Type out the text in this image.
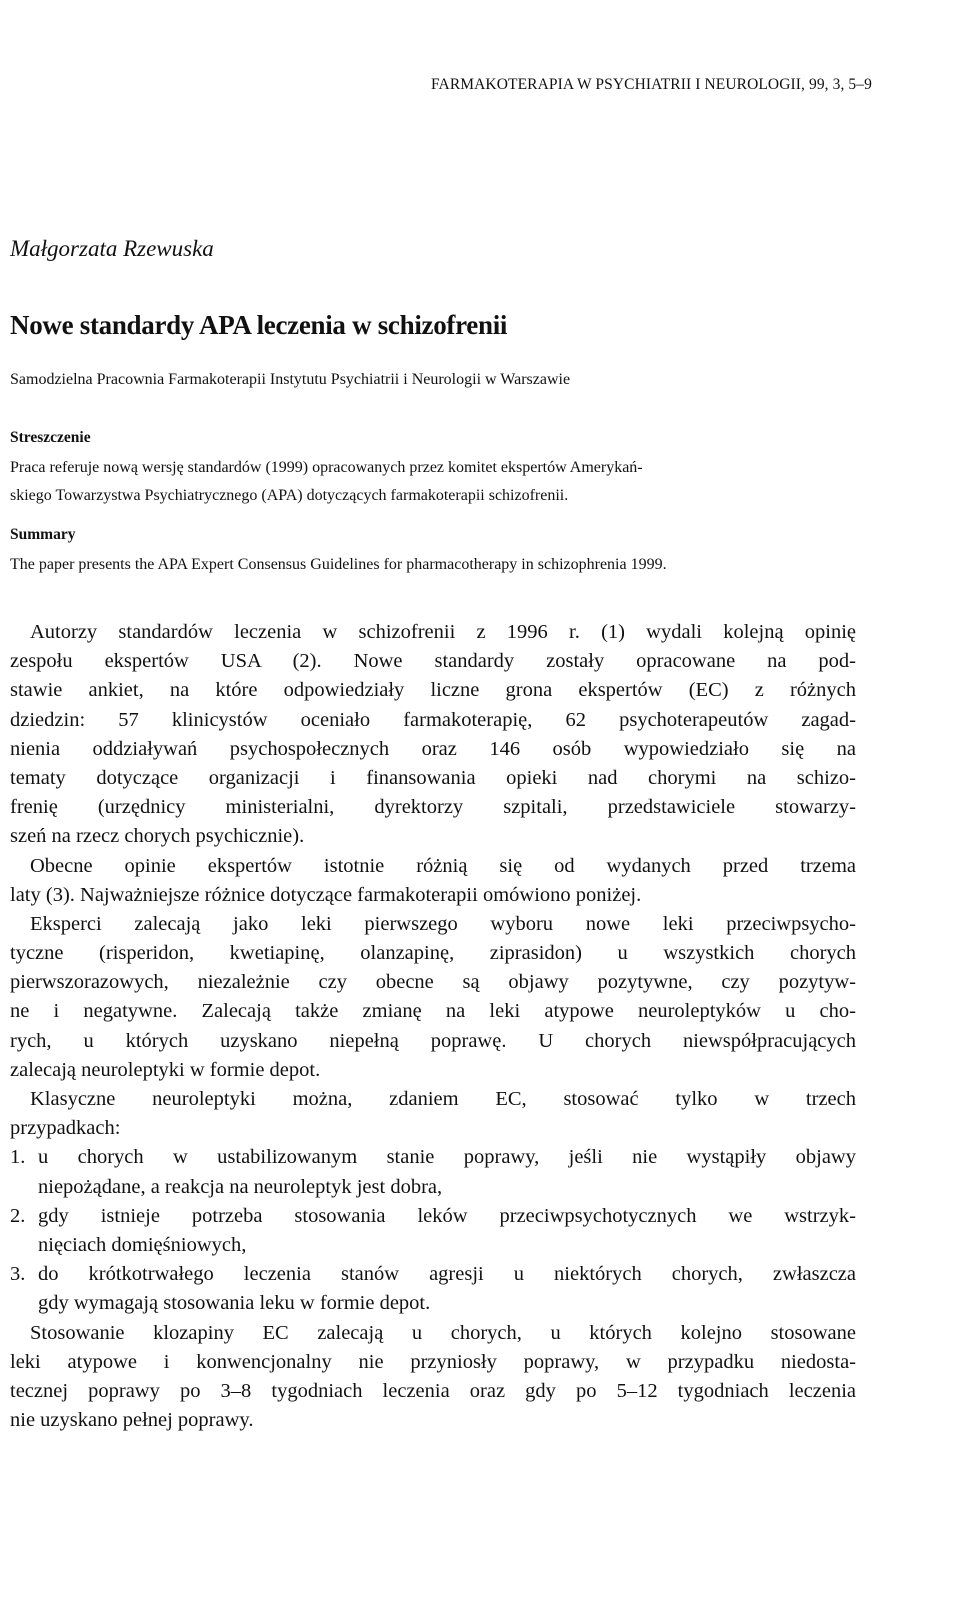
FARMAKOTERAPIA W PSYCHIATRII I NEUROLOGII, 99, 3, 5–9
Małgorzata Rzewuska
Nowe standardy APA leczenia w schizofrenii
Samodzielna Pracownia Farmakoterapii Instytutu Psychiatrii i Neurologii w Warszawie
Streszczenie
Praca referuje nową wersję standardów (1999) opracowanych przez komitet ekspertów Amerykań-
skiego Towarzystwa Psychiatrycznego (APA) dotyczących farmakoterapii schizofrenii.
Summary
The paper presents the APA Expert Consensus Guidelines for pharmacotherapy in schizophrenia 1999.
Autorzy standardów leczenia w schizofrenii z 1996 r. (1) wydali kolejną opinię
zespołu ekspertów USA (2). Nowe standardy zostały opracowane na pod-
stawie ankiet, na które odpowiedziały liczne grona ekspertów (EC) z różnych
dziedzin: 57 klinicystów oceniało farmakoterapię, 62 psychoterapeutów zagad-
nienia oddziaływań psychospołecznych oraz 146 osób wypowiedziało się na
tematy dotyczące organizacji i finansowania opieki nad chorymi na schizo-
frenię (urzędnicy ministerialni, dyrektorzy szpitali, przedstawiciele stowarzy-
szeń na rzecz chorych psychicznie).
Obecne opinie ekspertów istotnie różnią się od wydanych przed trzema
laty (3). Najważniejsze różnice dotyczące farmakoterapii omówiono poniżej.
Eksperci zalecają jako leki pierwszego wyboru nowe leki przeciwpsycho-
tyczne (risperidon, kwetiapinę, olanzapinę, ziprasidon) u wszystkich chorych
pierwszorazowych, niezależnie czy obecne są objawy pozytywne, czy pozytyw-
ne i negatywne. Zalecają także zmianę na leki atypowe neuroleptyków u cho-
rych, u których uzyskano niepełną poprawę. U chorych niewspółpracujących
zalecają neuroleptyki w formie depot.
Klasyczne neuroleptyki można, zdaniem EC, stosować tylko w trzech
przypadkach:
1. u chorych w ustabilizowanym stanie poprawy, jeśli nie wystąpiły objawy
niepożądane, a reakcja na neuroleptyk jest dobra,
2. gdy istnieje potrzeba stosowania leków przeciwpsychotycznych we wstrzyk-
nięciach domięśniowych,
3. do krótkotrwałego leczenia stanów agresji u niektórych chorych, zwłaszcza
gdy wymagają stosowania leku w formie depot.
Stosowanie klozapiny EC zalecają u chorych, u których kolejno stosowane
leki atypowe i konwencjonalny nie przyniosły poprawy, w przypadku niedosta-
tecznej poprawy po 3–8 tygodniach leczenia oraz gdy po 5–12 tygodniach leczenia
nie uzyskano pełnej poprawy.
